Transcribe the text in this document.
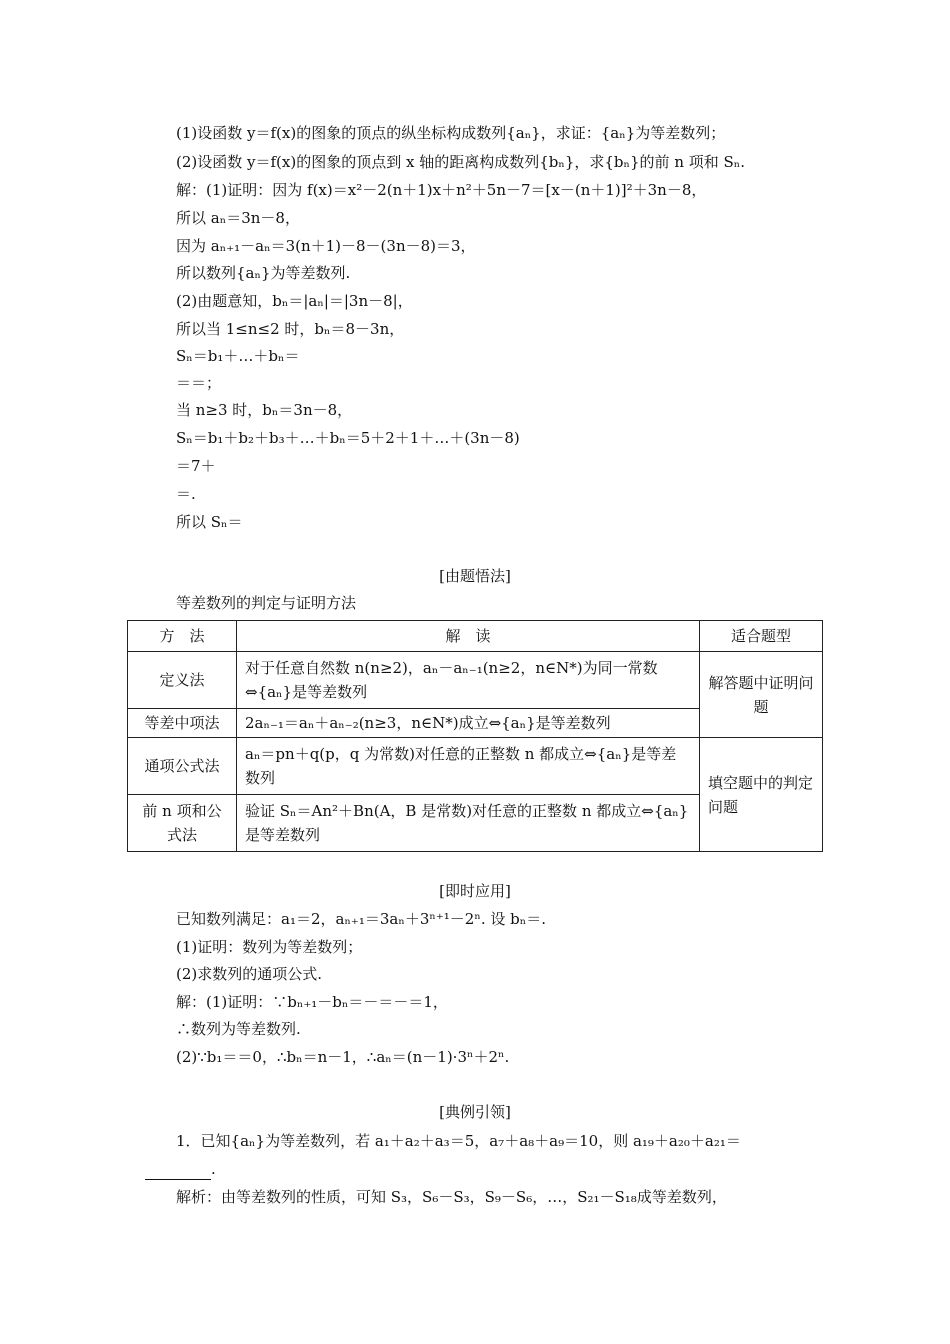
(1)设函数 y＝f(x)的图象的顶点的纵坐标构成数列{aₙ}，求证：{aₙ}为等差数列；
(2)设函数 y＝f(x)的图象的顶点到 x 轴的距离构成数列{bₙ}，求{bₙ}的前 n 项和 Sₙ.
解：(1)证明：因为 f(x)＝x²－2(n＋1)x＋n²＋5n－7＝[x－(n＋1)]²＋3n－8，
所以 aₙ＝3n－8，
因为 aₙ₊₁－aₙ＝3(n＋1)－8－(3n－8)＝3，
所以数列{aₙ}为等差数列.
(2)由题意知，bₙ＝|aₙ|＝|3n－8|，
所以当 1≤n≤2 时，bₙ＝8－3n，
Sₙ＝b₁＋…＋bₙ＝
＝＝；
当 n≥3 时，bₙ＝3n－8，
Sₙ＝b₁＋b₂＋b₃＋…＋bₙ＝5＋2＋1＋…＋(3n－8)
＝7＋
＝.
所以 Sₙ＝
[由题悟法]
等差数列的判定与证明方法
方　法	解　读	适合题型
定义法	对于任意自然数 n(n≥2)，aₙ－aₙ₋₁(n≥2，n∈N*)为同一常数⇔{aₙ}是等差数列	解答题中证明问题
等差中项法	2aₙ₋₁＝aₙ＋aₙ₋₂(n≥3，n∈N*)成立⇔{aₙ}是等差数列	
通项公式法	aₙ＝pn＋q(p，q 为常数)对任意的正整数 n 都成立⇔{aₙ}是等差数列	填空题中的判定问题
前 n 项和公式法	验证 Sₙ＝An²＋Bn(A，B 是常数)对任意的正整数 n 都成立⇔{aₙ}是等差数列	
[即时应用]
已知数列满足：a₁＝2，aₙ₊₁＝3aₙ＋3ⁿ⁺¹－2ⁿ. 设 bₙ＝.
(1)证明：数列为等差数列；
(2)求数列的通项公式.
解：(1)证明：∵bₙ₊₁－bₙ＝－＝－＝1，
∴数列为等差数列.
(2)∵b₁＝＝0，∴bₙ＝n－1，∴aₙ＝(n－1)·3ⁿ＋2ⁿ.
[典例引领]
1．已知{aₙ}为等差数列，若 a₁＋a₂＋a₃＝5，a₇＋a₈＋a₉＝10，则 a₁₉＋a₂₀＋a₂₁＝
.
解析：由等差数列的性质，可知 S₃，S₆－S₃，S₉－S₆，…，S₂₁－S₁₈成等差数列，
